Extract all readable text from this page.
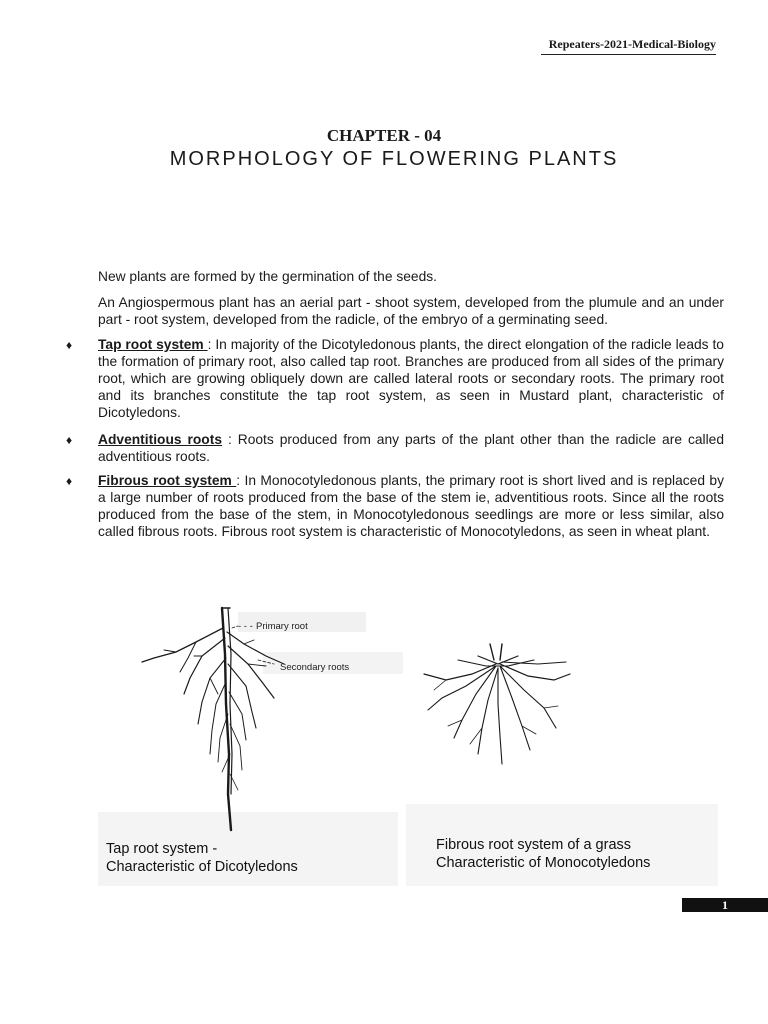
Repeaters-2021-Medical-Biology
CHAPTER - 04
MORPHOLOGY OF FLOWERING PLANTS

New plants are formed by the germination of the seeds.

An Angiospermous plant has an aerial part - shoot system, developed from the plumule and an under part - root system, developed from the radicle, of the embryo of a germinating seed.

♦ Tap root system : In majority of the Dicotyledonous plants, the direct elongation of the radicle leads to the formation of primary root, also called tap root. Branches are produced from all sides of the primary root, which are growing obliquely down are called lateral roots or secondary roots. The primary root and its branches constitute the tap root system, as seen in Mustard plant, characteristic of Dicotyledons.

♦ Adventitious roots : Roots produced from any parts of the plant other than the radicle are called adventitious roots.

♦ Fibrous root system : In Monocotyledonous plants, the primary root is short lived and is replaced by a large number of roots produced from the base of the stem ie, adventitious roots. Since all the roots produced from the base of the stem, in Monocotyledonous seedlings are more or less similar, also called fibrous roots. Fibrous root system is characteristic of Monocotyledons, as seen in wheat plant.

- - - Primary root
Secondary roots
Tap root system -
Characteristic of Dicotyledons
Fibrous root system of a grass
Characteristic of Monocotyledons
1
